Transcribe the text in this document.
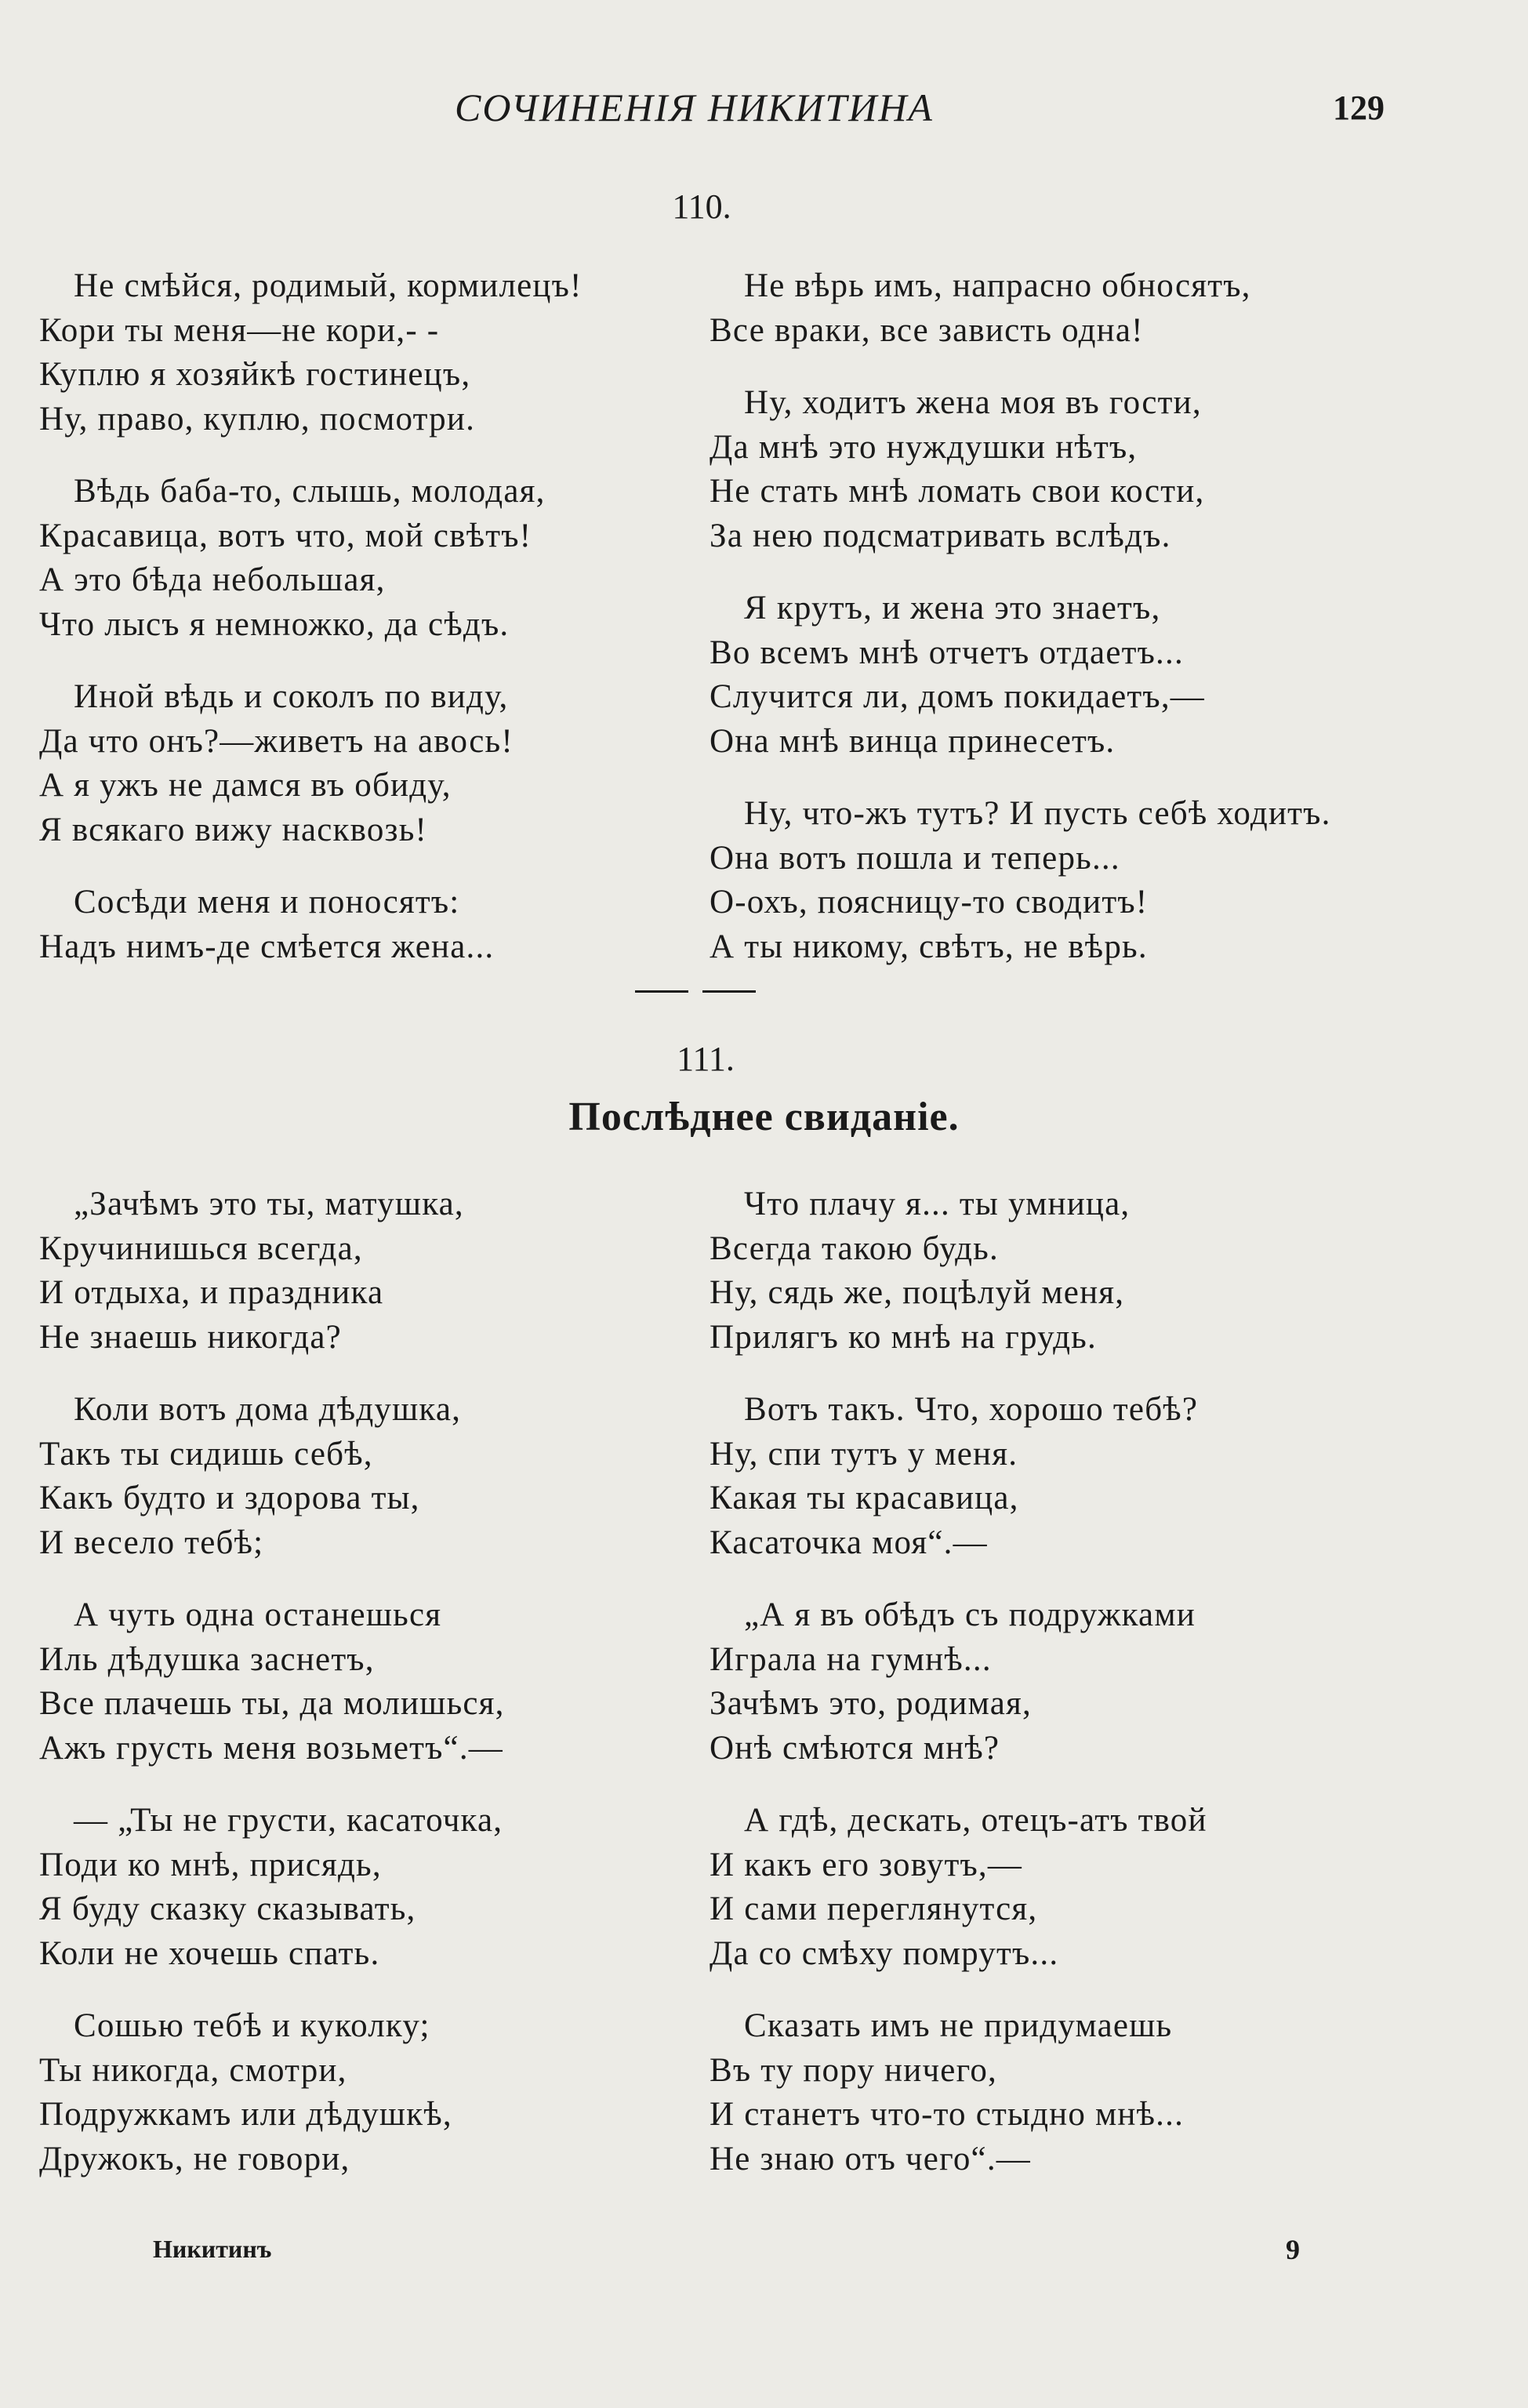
СОЧИНЕНІЯ НИКИТИНА	129
110.
Не смѣйся, родимый, кормилецъ!
Кори ты меня—не кори,- -
Куплю я хозяйкѣ гостинецъ,
Ну, право, куплю, посмотри.
Вѣдь баба-то, слышь, молодая,
Красавица, вотъ что, мой свѣтъ!
А это бѣда небольшая,
Что лысъ я немножко, да сѣдъ.
Иной вѣдь и соколъ по виду,
Да что онъ?—живетъ на авось!
А я ужъ не дамся въ обиду,
Я всякаго вижу насквозь!
Сосѣди меня и поносятъ:
Надъ нимъ-де смѣется жена...
Не вѣрь имъ, напрасно обносятъ,
Все враки, все зависть одна!
Ну, ходитъ жена моя въ гости,
Да мнѣ это нуждушки нѣтъ,
Не стать мнѣ ломать свои кости,
За нею подсматривать вслѣдъ.
Я крутъ, и жена это знаетъ,
Во всемъ мнѣ отчетъ отдаетъ...
Случится ли, домъ покидаетъ,—
Она мнѣ винца принесетъ.
Ну, что-жъ тутъ? И пусть себѣ ходитъ.
Она вотъ пошла и теперь...
О-охъ, поясницу-то сводитъ!
А ты никому, свѣтъ, не вѣрь.
111.
Послѣднее свиданіе.
„Зачѣмъ это ты, матушка,
Кручинишься всегда,
И отдыха, и праздника
Не знаешь никогда?
Коли вотъ дома дѣдушка,
Такъ ты сидишь себѣ,
Какъ будто и здорова ты,
И весело тебѣ;
А чуть одна останешься
Иль дѣдушка заснетъ,
Все плачешь ты, да молишься,
Ажъ грусть меня возьметъ“.—
— „Ты не грусти, касаточка,
Поди ко мнѣ, присядь,
Я буду сказку сказывать,
Коли не хочешь спать.
Сошью тебѣ и куколку;
Ты никогда, смотри,
Подружкамъ или дѣдушкѣ,
Дружокъ, не говори,
Что плачу я... ты умница,
Всегда такою будь.
Ну, сядь же, поцѣлуй меня,
Прилягъ ко мнѣ на грудь.
Вотъ такъ. Что, хорошо тебѣ?
Ну, спи тутъ у меня.
Какая ты красавица,
Касаточка моя“.—
„А я въ обѣдъ съ подружками
Играла на гумнѣ...
Зачѣмъ это, родимая,
Онѣ смѣются мнѣ?
А гдѣ, дескать, отецъ-атъ твой
И какъ его зовутъ,—
И сами переглянутся,
Да со смѣху помрутъ...
Сказать имъ не придумаешь
Въ ту пору ничего,
И станетъ что-то стыдно мнѣ...
Не знаю отъ чего“.—
Никитинъ	9
